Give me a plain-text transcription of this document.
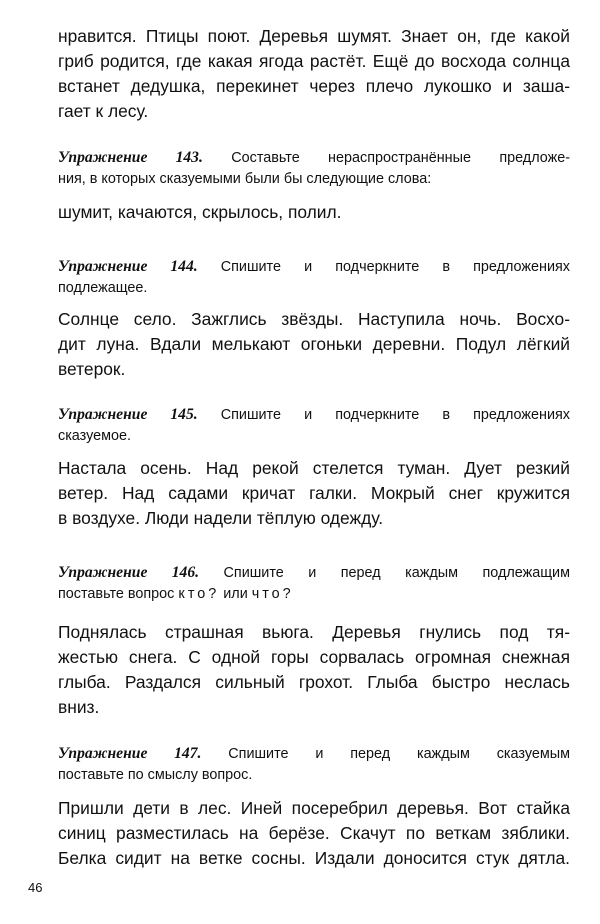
нравится. Птицы поют. Деревья шумят. Знает он, где какой
гриб родится, где какая ягода растёт. Ещё до восхода солнца
встанет дедушка, перекинет через плечо лукошко и зашa-
гает к лесу.
Упражнение 143. Составьте нераспространённые предложе-
ния, в которых сказуемыми были бы следующие слова:
шумит, качаются, скрылось, полил.
Упражнение 144. Спишите и подчеркните в предложениях
подлежащее.
Солнце село. Зажглись звёзды. Наступила ночь. Восхо-
дит луна. Вдали мелькают огоньки деревни. Подул лёгкий
ветерок.
Упражнение 145. Спишите и подчеркните в предложениях
сказуемое.
Настала осень. Над рекой стелется туман. Дует резкий
ветер. Над садами кричат галки. Мокрый снег кружится
в воздухе. Люди надели тёплую одежду.
Упражнение 146. Спишите и перед каждым подлежащим
поставьте вопрос кто? или что?
Поднялась страшная вьюга. Деревья гнулись под тя-
жестью снега. С одной горы сорвалась огромная снежная
глыба. Раздался сильный грохот. Глыба быстро неслась
вниз.
Упражнение 147. Спишите и перед каждым сказуемым
поставьте по смыслу вопрос.
Пришли дети в лес. Иней посеребрил деревья. Вот стайка
синиц разместилась на берёзе. Скачут по веткам зяблики.
Белка сидит на ветке сосны. Издали доносится стук дятла.
46
